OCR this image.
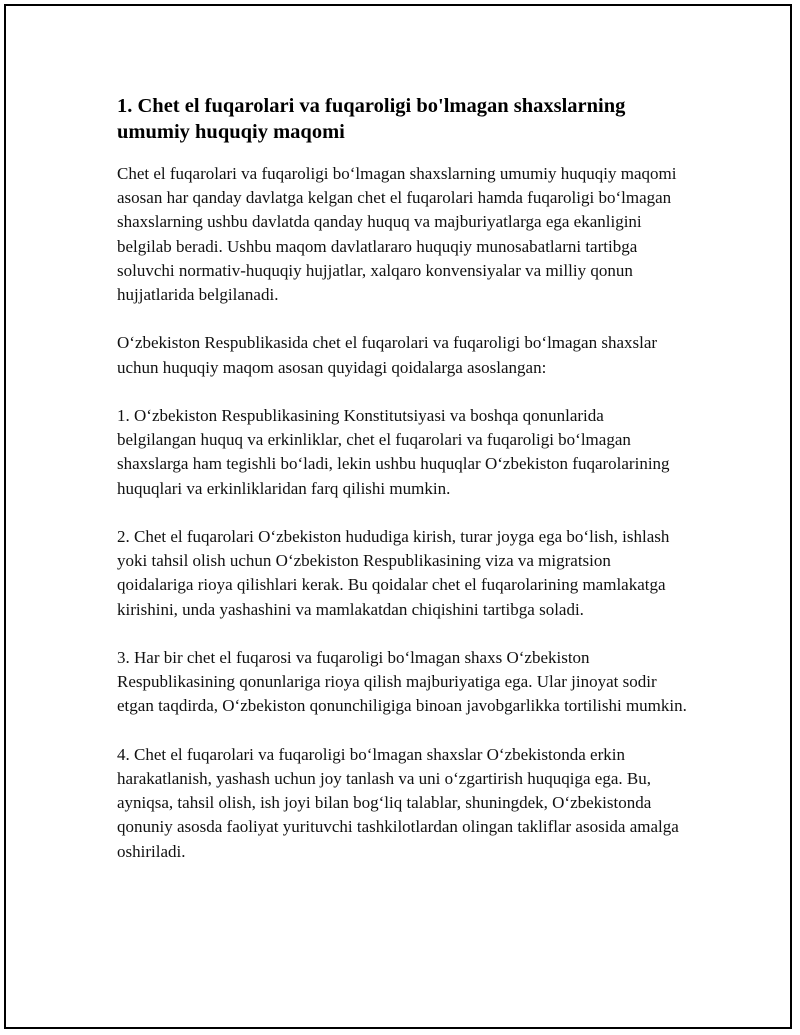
1. Chet el fuqarolari va fuqaroligi bo'lmagan shaxslarning umumiy huquqiy maqomi

Chet el fuqarolari va fuqaroligi bo‘lmagan shaxslarning umumiy huquqiy maqomi asosan har qanday davlatga kelgan chet el fuqarolari hamda fuqaroligi bo‘lmagan shaxslarning ushbu davlatda qanday huquq va majburiyatlarga ega ekanligini belgilab beradi. Ushbu maqom davlatlararo huquqiy munosabatlarni tartibga soluvchi normativ-huquqiy hujjatlar, xalqaro konvensiyalar va milliy qonun hujjatlarida belgilanadi.

O‘zbekiston Respublikasida chet el fuqarolari va fuqaroligi bo‘lmagan shaxslar uchun huquqiy maqom asosan quyidagi qoidalarga asoslangan:

1. O‘zbekiston Respublikasining Konstitutsiyasi va boshqa qonunlarida belgilangan huquq va erkinliklar, chet el fuqarolari va fuqaroligi bo‘lmagan shaxslarga ham tegishli bo‘ladi, lekin ushbu huquqlar O‘zbekiston fuqarolarining huquqlari va erkinliklaridan farq qilishi mumkin.

2. Chet el fuqarolari O‘zbekiston hududiga kirish, turar joyga ega bo‘lish, ishlash yoki tahsil olish uchun O‘zbekiston Respublikasining viza va migratsion qoidalariga rioya qilishlari kerak. Bu qoidalar chet el fuqarolarining mamlakatga kirishini, unda yashashini va mamlakatdan chiqishini tartibga soladi.

3. Har bir chet el fuqarosi va fuqaroligi bo‘lmagan shaxs O‘zbekiston Respublikasining qonunlariga rioya qilish majburiyatiga ega. Ular jinoyat sodir etgan taqdirda, O‘zbekiston qonunchiligiga binoan javobgarlikka tortilishi mumkin.

4. Chet el fuqarolari va fuqaroligi bo‘lmagan shaxslar O‘zbekistonda erkin harakatlanish, yashash uchun joy tanlash va uni o‘zgartirish huquqiga ega. Bu, ayniqsa, tahsil olish, ish joyi bilan bog‘liq talablar, shuningdek, O‘zbekistonda qonuniy asosda faoliyat yurituvchi tashkilotlardan olingan takliflar asosida amalga oshiriladi.
